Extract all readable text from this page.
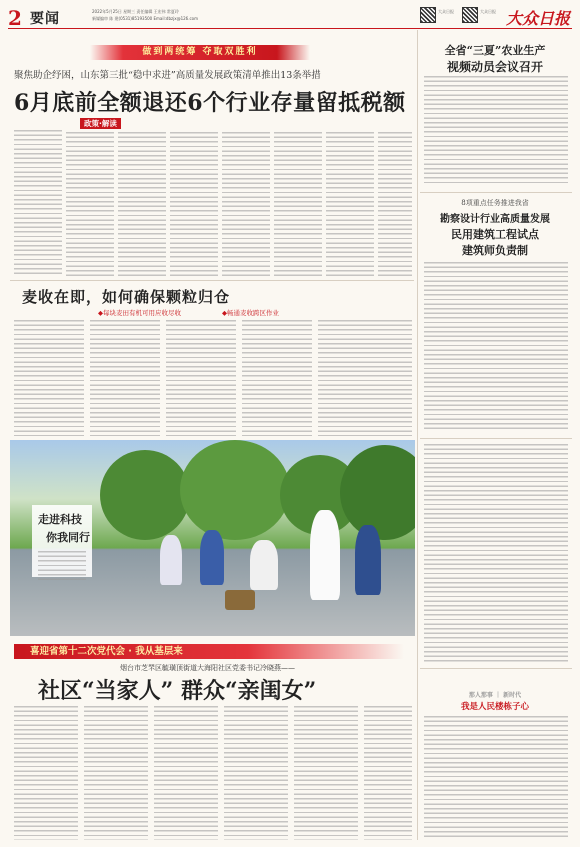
2 要闻	2022年5月25日 星期三 责任编辑 王宏伟 常夏玲
新媒编审 陈 建(0531)85193500 Email:dbzjx@126.com
大众日报	大众日报 大众日报
做到两统筹 夺取双胜利
聚焦助企纾困，山东第三批“稳中求进”高质量发展政策清单推出13条举措
6月底前全额退还6个行业存量留抵税额
政策·解读
全省“三夏”农业生产
视频动员会议召开
8项重点任务推进我省
勘察设计行业高质量发展
民用建筑工程试点
建筑师负责制
那人那事 ｜ 新时代
我是人民楼栋子心
麦收在即，如何确保颗粒归仓
◆每块麦田有机可用应收尽收	◆畅通麦收跨区作业
走进科技
你我同行
喜迎省第十二次党代会 · 我从基层来
烟台市芝罘区毓璜顶街道大海阳社区党委书记冷晓燕——
社区“当家人” 群众“亲闺女”
